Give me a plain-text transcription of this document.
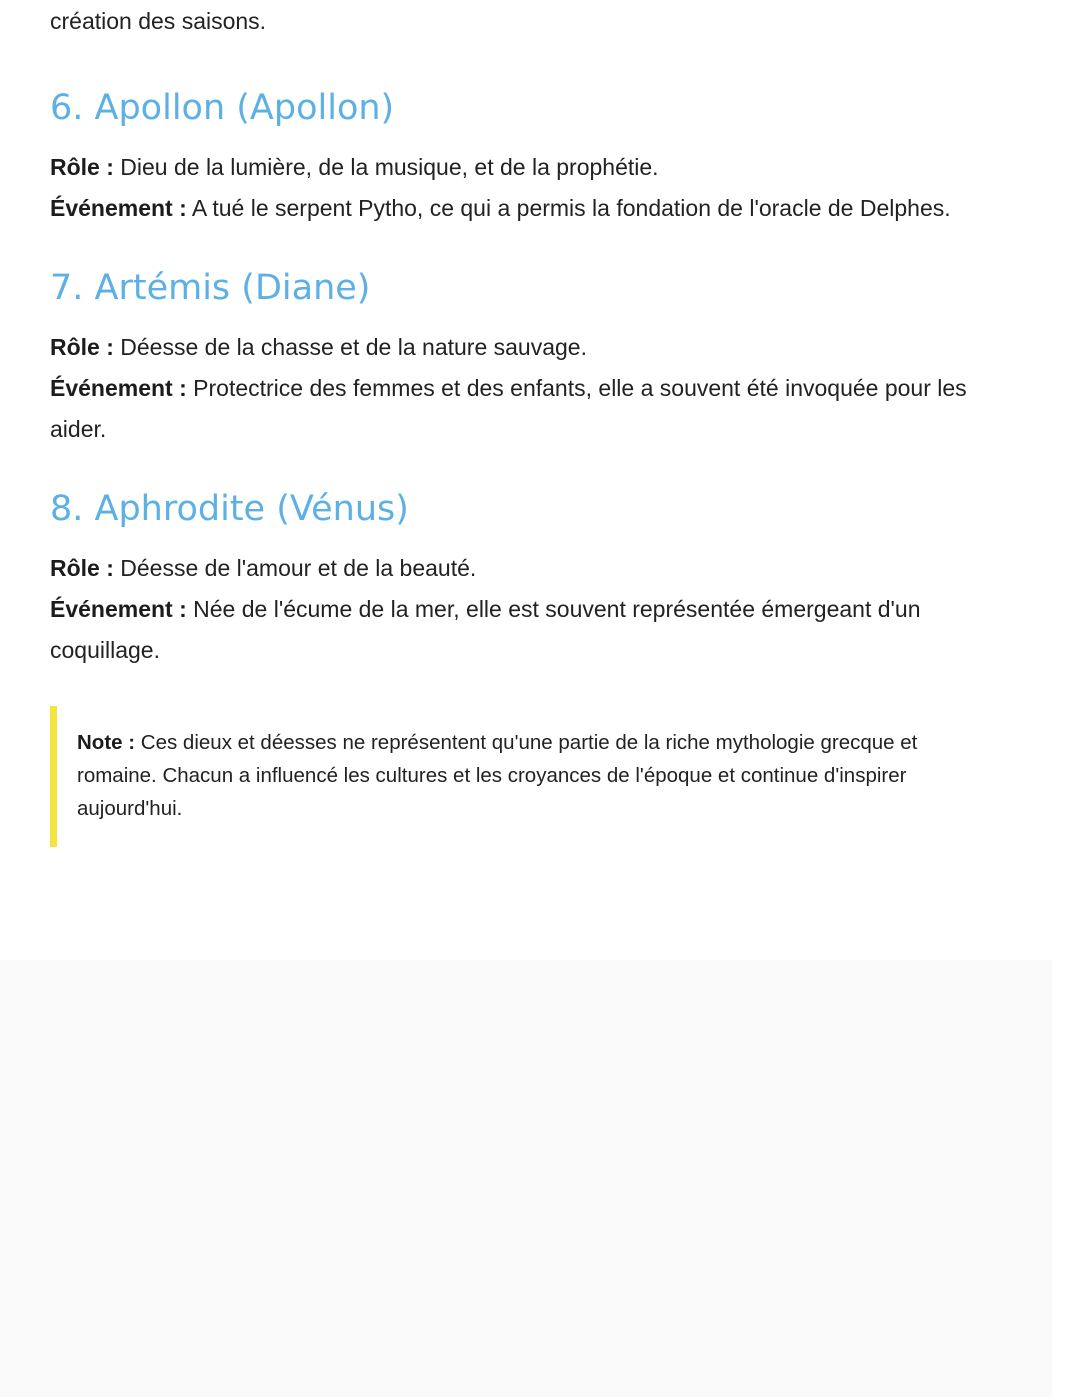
création des saisons.

6. Apollon (Apollon)

Rôle : Dieu de la lumière, de la musique, et de la prophétie.

Événement : A tué le serpent Pytho, ce qui a permis la fondation de l'oracle de Delphes.

7. Artémis (Diane)

Rôle : Déesse de la chasse et de la nature sauvage.

Événement : Protectrice des femmes et des enfants, elle a souvent été invoquée pour les aider.

8. Aphrodite (Vénus)

Rôle : Déesse de l'amour et de la beauté.

Événement : Née de l'écume de la mer, elle est souvent représentée émergeant d'un coquillage.

Note : Ces dieux et déesses ne représentent qu'une partie de la riche mythologie grecque et romaine. Chacun a influencé les cultures et les croyances de l'époque et continue d'inspirer aujourd'hui.
